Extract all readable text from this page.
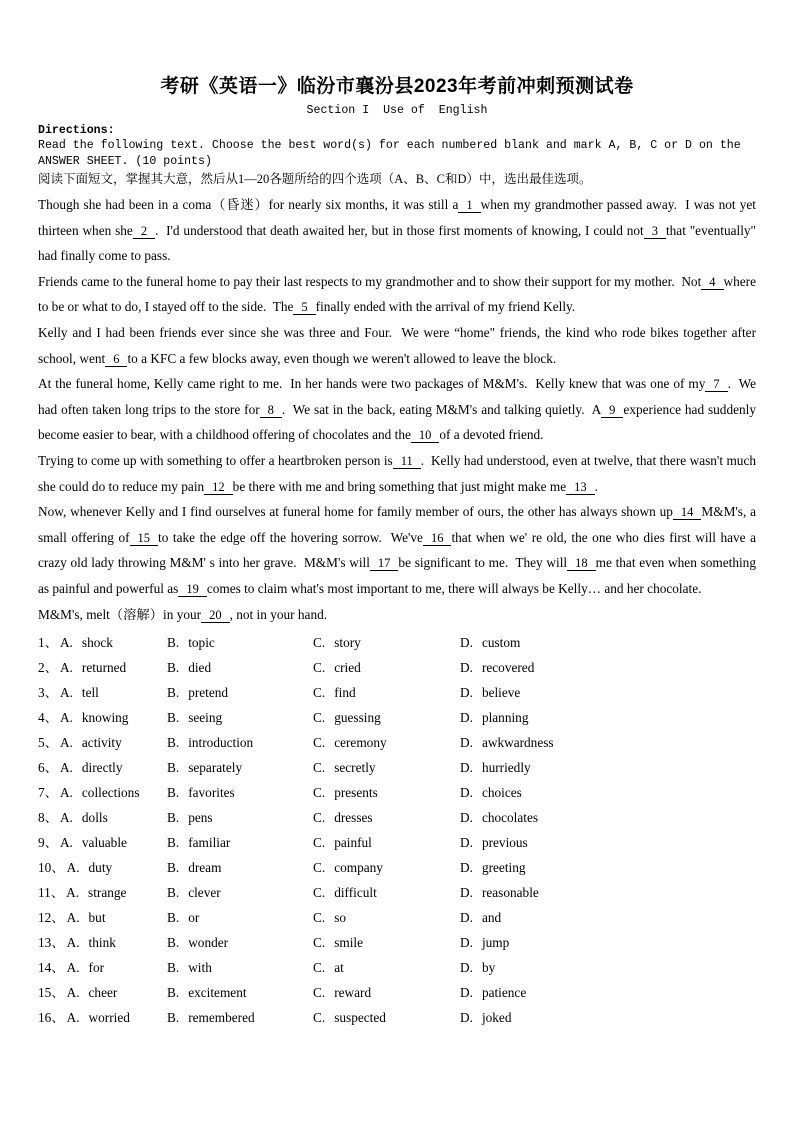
考研《英语一》临汾市襄汾县2023年考前冲刺预测试卷
Section I  Use of  English
Directions:
Read the following text. Choose the best word(s) for each numbered blank and mark A, B, C or D on the ANSWER SHEET. (10 points)
阅读下面短文，掌握其大意，然后从1—20各题所给的四个选项（A、B、C和D）中，选出最佳选项。

Though she had been in a coma（昏迷）for nearly six months, it was still a 1 when my grandmother passed away.  I was not yet thirteen when she 2 .  I'd understood that death awaited her, but in those first moments of knowing, I could not 3 that "eventually" had finally come to pass.

Friends came to the funeral home to pay their last respects to my grandmother and to show their support for my mother.  Not 4 where to be or what to do, I stayed off to the side.  The 5 finally ended with the arrival of my friend Kelly.

Kelly and I had been friends ever since she was three and Four.  We were “home" friends, the kind who rode bikes together after school, went 6 to a KFC a few blocks away, even though we weren't allowed to leave the block.

At the funeral home, Kelly came right to me.  In her hands were two packages of M&M's.  Kelly knew that was one of my 7 .  We had often taken long trips to the store for 8 .  We sat in the back, eating M&M's and talking quietly.  A 9 experience had suddenly become easier to bear, with a childhood offering of chocolates and the 10 of a devoted friend.

Trying to come up with something to offer a heartbroken person is 11 .  Kelly had understood, even at twelve, that there wasn't much she could do to reduce my pain 12 be there with me and bring something that just might make me 13 .

Now, whenever Kelly and I find ourselves at funeral home for family member of ours, the other has always shown up 14 M&M's, a small offering of 15 to take the edge off the hovering sorrow.  We've 16 that when we' re old, the one who dies first will have a crazy old lady throwing M&M' s into her grave.  M&M's will 17 be significant to me.  They will 18 me that even when something as painful and powerful as 19 comes to claim what's most important to me, there will always be Kelly… and her chocolate.

M&M's, melt（溶解）in your 20 , not in your hand.

1、 A. shock	B. topic	C. story	D. custom
2、 A. returned	B. died	C. cried	D. recovered
3、 A. tell	B. pretend	C. find	D. believe
4、 A. knowing	B. seeing	C. guessing	D. planning
5、 A. activity	B. introduction	C. ceremony	D. awkwardness
6、 A. directly	B. separately	C. secretly	D. hurriedly
7、 A. collections	B. favorites	C. presents	D. choices
8、 A. dolls	B. pens	C. dresses	D. chocolates
9、 A. valuable	B. familiar	C. painful	D. previous
10、 A. duty	B. dream	C. company	D. greeting
11、 A. strange	B. clever	C. difficult	D. reasonable
12、 A. but	B. or	C. so	D. and
13、 A. think	B. wonder	C. smile	D. jump
14、 A. for	B. with	C. at	D. by
15、 A. cheer	B. excitement	C. reward	D. patience
16、 A. worried	B. remembered	C. suspected	D. joked
